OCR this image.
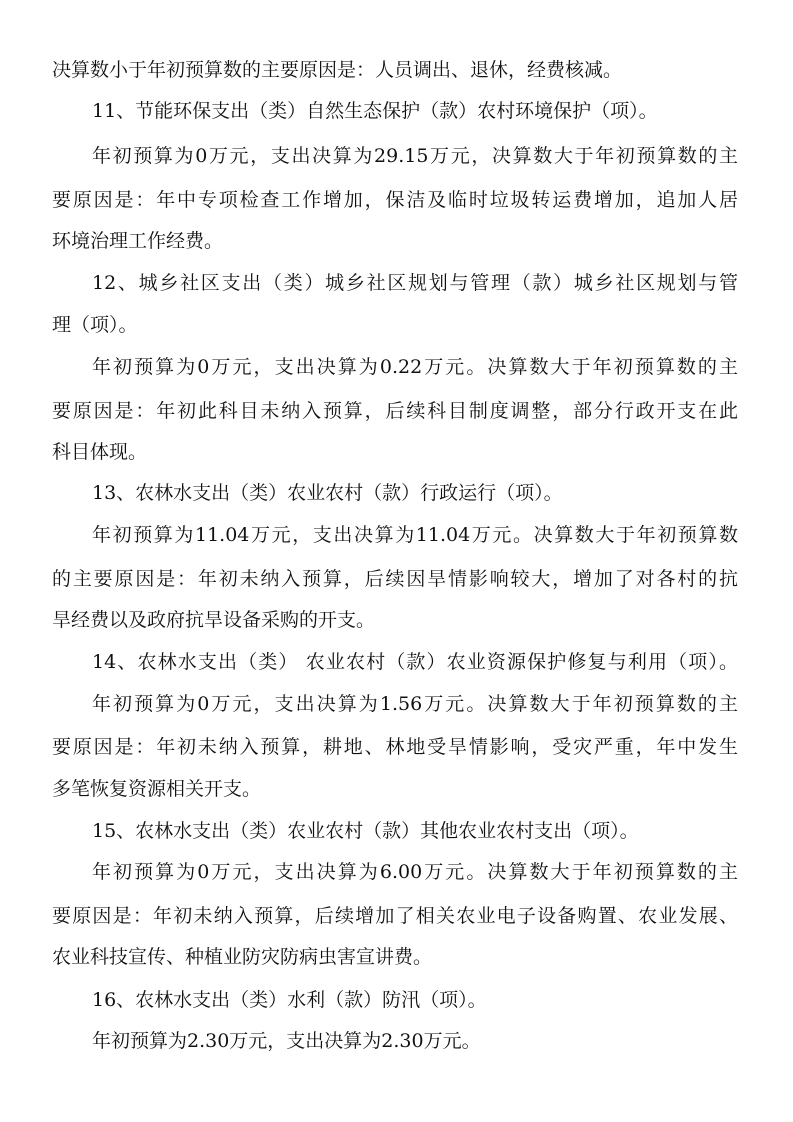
决算数小于年初预算数的主要原因是：人员调出、退休，经费核减。
11、节能环保支出（类）自然生态保护（款）农村环境保护（项）。
年初预算为0万元，支出决算为29.15万元，决算数大于年初预算数的主
要原因是：年中专项检查工作增加，保洁及临时垃圾转运费增加，追加人居
环境治理工作经费。
12、城乡社区支出（类）城乡社区规划与管理（款）城乡社区规划与管
理（项）。
年初预算为0万元，支出决算为0.22万元。决算数大于年初预算数的主
要原因是：年初此科目未纳入预算，后续科目制度调整，部分行政开支在此
科目体现。
13、农林水支出（类）农业农村（款）行政运行（项）。
年初预算为11.04万元，支出决算为11.04万元。决算数大于年初预算数
的主要原因是：年初未纳入预算，后续因旱情影响较大，增加了对各村的抗
旱经费以及政府抗旱设备采购的开支。
14、农林水支出（类） 农业农村（款）农业资源保护修复与利用（项）。
年初预算为0万元，支出决算为1.56万元。决算数大于年初预算数的主
要原因是：年初未纳入预算，耕地、林地受旱情影响，受灾严重，年中发生
多笔恢复资源相关开支。
15、农林水支出（类）农业农村（款）其他农业农村支出（项）。
年初预算为0万元，支出决算为6.00万元。决算数大于年初预算数的主
要原因是：年初未纳入预算，后续增加了相关农业电子设备购置、农业发展、
农业科技宣传、种植业防灾防病虫害宣讲费。
16、农林水支出（类）水利（款）防汛（项）。
年初预算为2.30万元，支出决算为2.30万元。
